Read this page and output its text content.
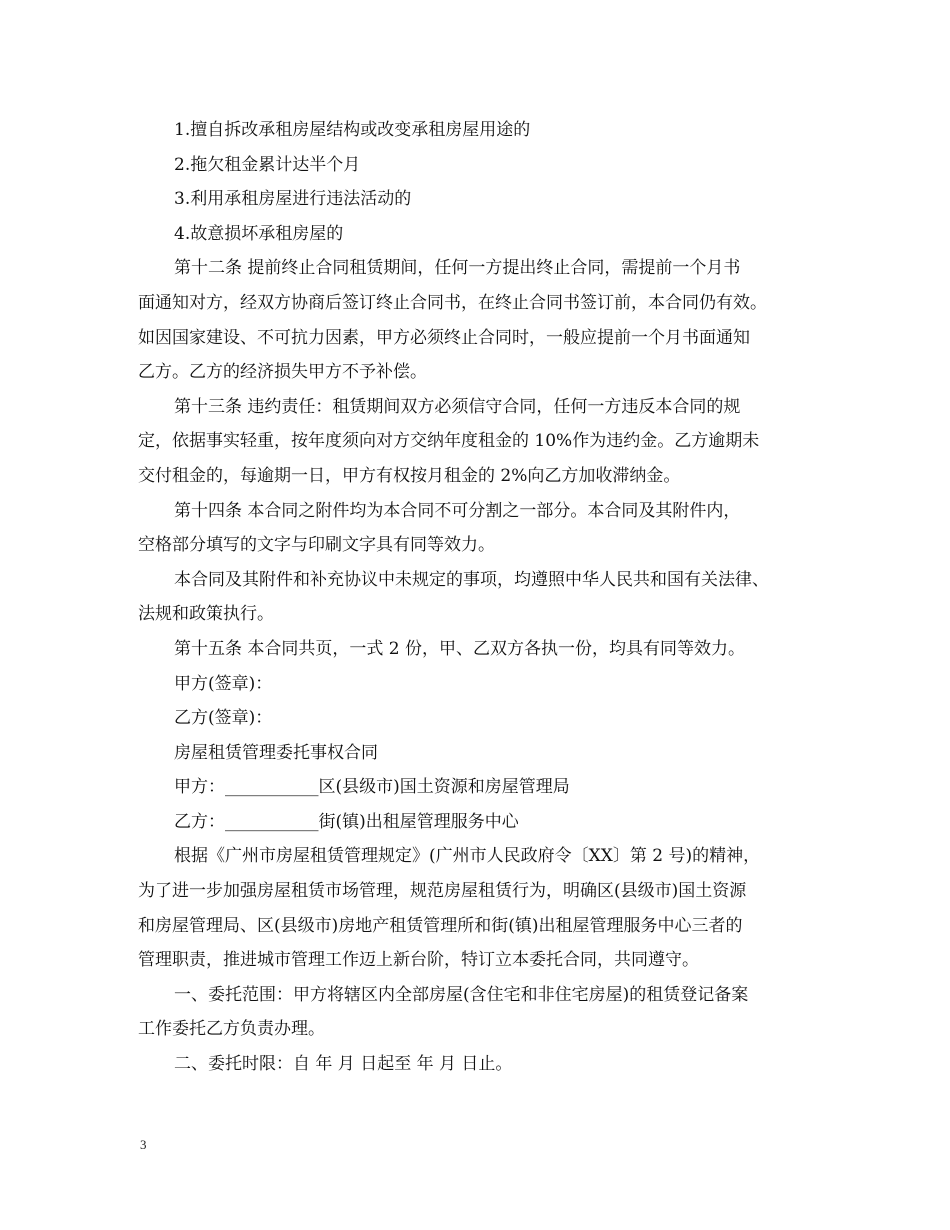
1.擅自拆改承租房屋结构或改变承租房屋用途的
2.拖欠租金累计达半个月
3.利用承租房屋进行违法活动的
4.故意损坏承租房屋的
第十二条 提前终止合同租赁期间，任何一方提出终止合同，需提前一个月书
面通知对方，经双方协商后签订终止合同书，在终止合同书签订前，本合同仍有效。
如因国家建设、不可抗力因素，甲方必须终止合同时，一般应提前一个月书面通知
乙方。乙方的经济损失甲方不予补偿。
第十三条 违约责任：租赁期间双方必须信守合同，任何一方违反本合同的规
定，依据事实轻重，按年度须向对方交纳年度租金的 10%作为违约金。乙方逾期未
交付租金的，每逾期一日，甲方有权按月租金的 2%向乙方加收滞纳金。
第十四条 本合同之附件均为本合同不可分割之一部分。本合同及其附件内，
空格部分填写的文字与印刷文字具有同等效力。
本合同及其附件和补充协议中未规定的事项，均遵照中华人民共和国有关法律、
法规和政策执行。
第十五条 本合同共页，一式 2 份，甲、乙双方各执一份，均具有同等效力。
甲方(签章)：
乙方(签章)：
房屋租赁管理委托事权合同
甲方：___________区(县级市)国土资源和房屋管理局
乙方：___________街(镇)出租屋管理服务中心
根据《广州市房屋租赁管理规定》(广州市人民政府令〔XX〕第 2 号)的精神，
为了进一步加强房屋租赁市场管理，规范房屋租赁行为，明确区(县级市)国土资源
和房屋管理局、区(县级市)房地产租赁管理所和街(镇)出租屋管理服务中心三者的
管理职责，推进城市管理工作迈上新台阶，特订立本委托合同，共同遵守。
一、委托范围：甲方将辖区内全部房屋(含住宅和非住宅房屋)的租赁登记备案
工作委托乙方负责办理。
二、委托时限：自 年 月 日起至 年 月 日止。
3
